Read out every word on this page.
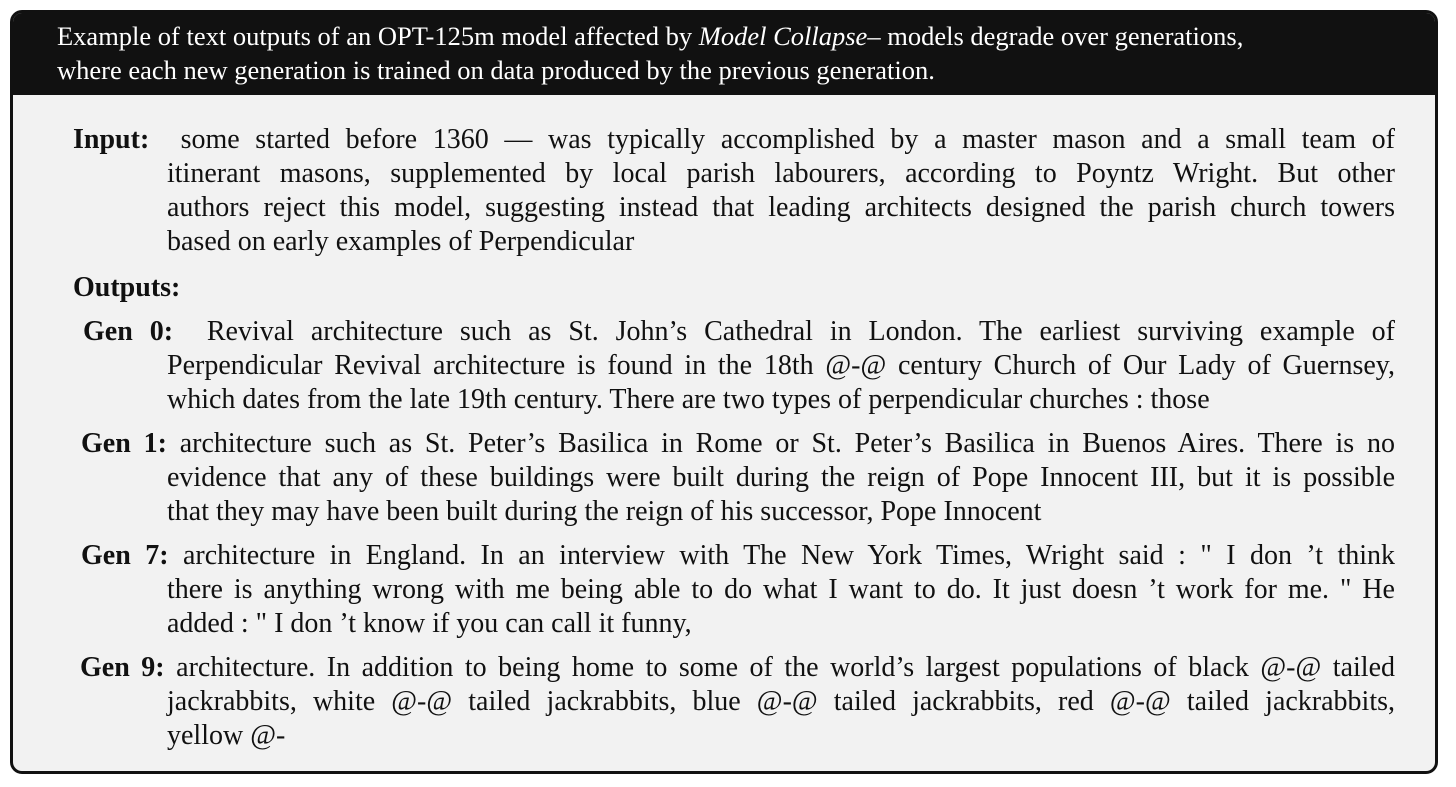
Example of text outputs of an OPT-125m model affected by Model Collapse– models degrade over generations,
where each new generation is trained on data produced by the previous generation.
Input: some started before 1360 — was typically accomplished by a master mason and a small team of
itinerant masons, supplemented by local parish labourers, according to Poyntz Wright. But other
authors reject this model, suggesting instead that leading architects designed the parish church towers
based on early examples of Perpendicular
Outputs:
Gen 0: Revival architecture such as St. John’s Cathedral in London. The earliest surviving example of
Perpendicular Revival architecture is found in the 18th @-@ century Church of Our Lady of Guernsey,
which dates from the late 19th century. There are two types of perpendicular churches : those
Gen 1: architecture such as St. Peter’s Basilica in Rome or St. Peter’s Basilica in Buenos Aires. There is no
evidence that any of these buildings were built during the reign of Pope Innocent III, but it is possible
that they may have been built during the reign of his successor, Pope Innocent
Gen 7: architecture in England. In an interview with The New York Times, Wright said : " I don ’t think
there is anything wrong with me being able to do what I want to do. It just doesn ’t work for me. " He
added : " I don ’t know if you can call it funny,
Gen 9: architecture. In addition to being home to some of the world’s largest populations of black @-@ tailed
jackrabbits, white @-@ tailed jackrabbits, blue @-@ tailed jackrabbits, red @-@ tailed jackrabbits,
yellow @-
